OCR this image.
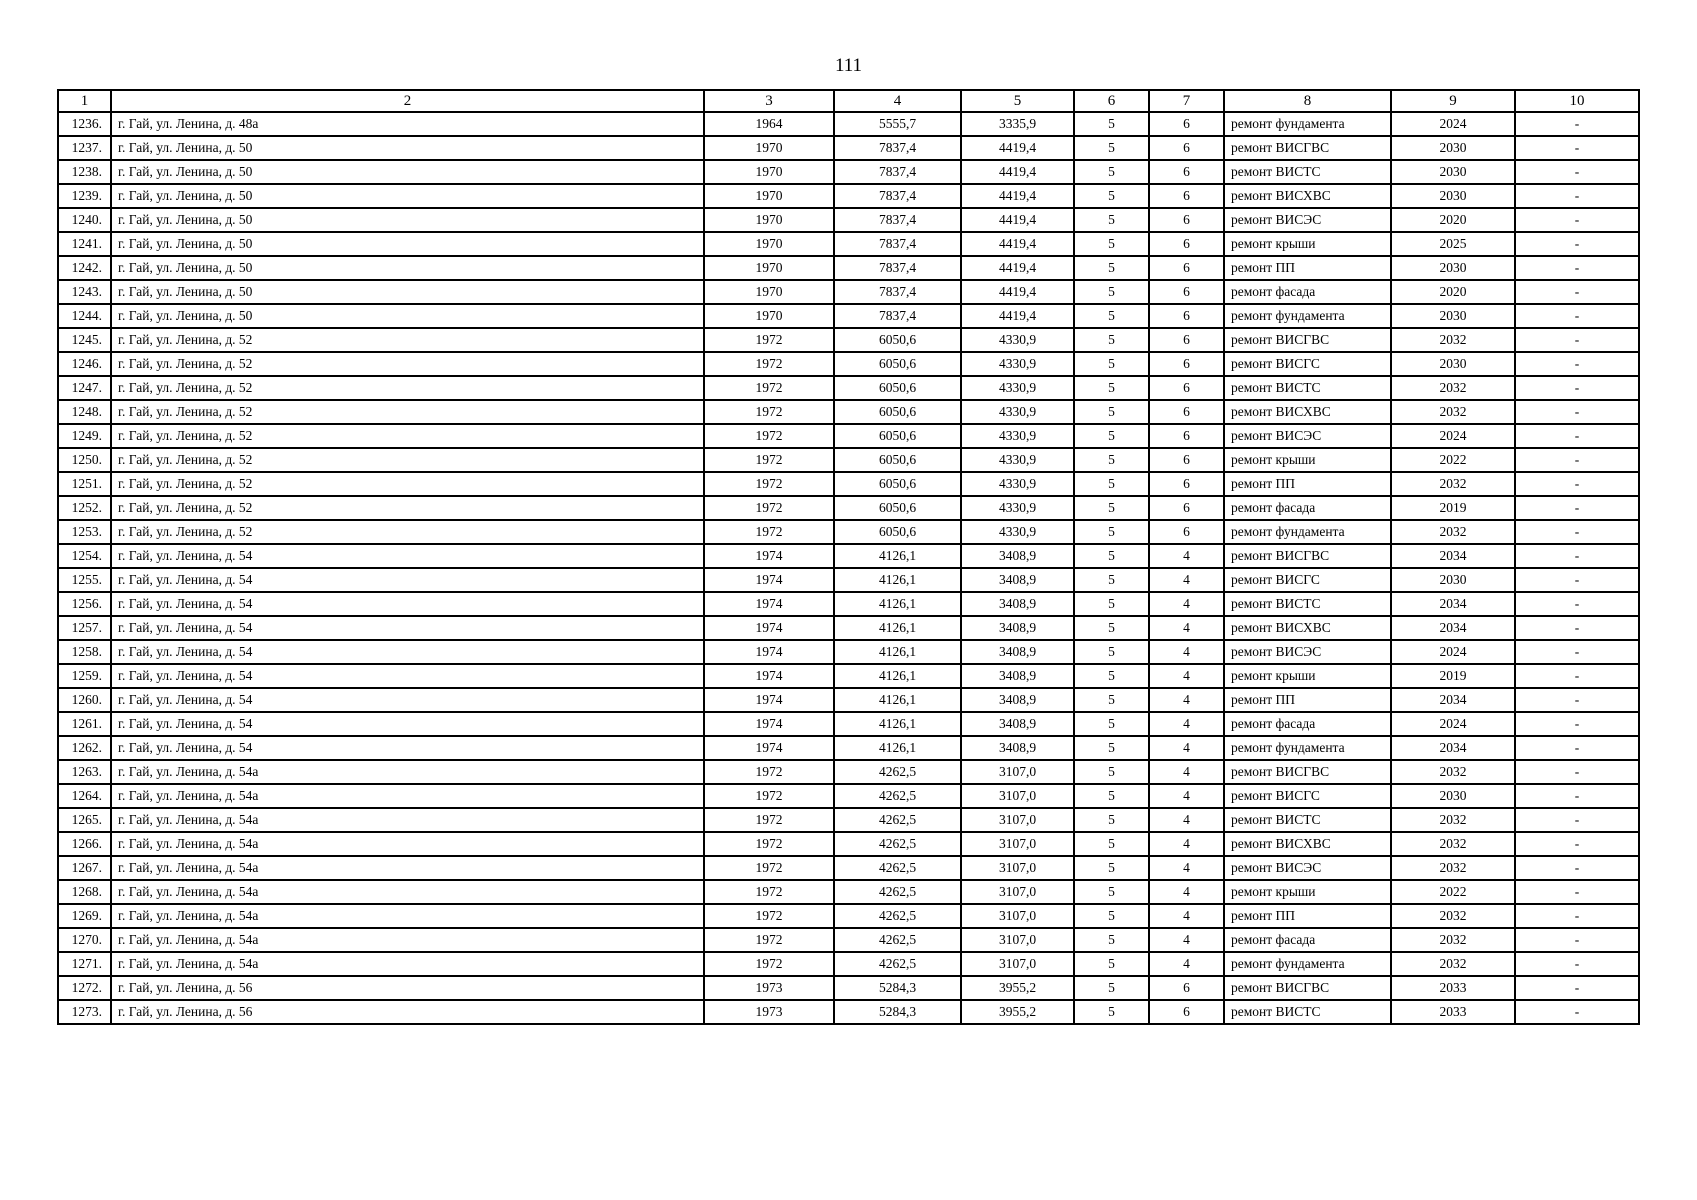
111
1	2	3	4	5	6	7	8	9	10
1236.	г. Гай, ул. Ленина, д. 48а	1964	5555,7	3335,9	5	6	ремонт фундамента	2024	-
1237.	г. Гай, ул. Ленина, д. 50	1970	7837,4	4419,4	5	6	ремонт ВИСГВС	2030	-
1238.	г. Гай, ул. Ленина, д. 50	1970	7837,4	4419,4	5	6	ремонт ВИСТС	2030	-
1239.	г. Гай, ул. Ленина, д. 50	1970	7837,4	4419,4	5	6	ремонт ВИСХВС	2030	-
1240.	г. Гай, ул. Ленина, д. 50	1970	7837,4	4419,4	5	6	ремонт ВИСЭС	2020	-
1241.	г. Гай, ул. Ленина, д. 50	1970	7837,4	4419,4	5	6	ремонт крыши	2025	-
1242.	г. Гай, ул. Ленина, д. 50	1970	7837,4	4419,4	5	6	ремонт ПП	2030	-
1243.	г. Гай, ул. Ленина, д. 50	1970	7837,4	4419,4	5	6	ремонт фасада	2020	-
1244.	г. Гай, ул. Ленина, д. 50	1970	7837,4	4419,4	5	6	ремонт фундамента	2030	-
1245.	г. Гай, ул. Ленина, д. 52	1972	6050,6	4330,9	5	6	ремонт ВИСГВС	2032	-
1246.	г. Гай, ул. Ленина, д. 52	1972	6050,6	4330,9	5	6	ремонт ВИСГС	2030	-
1247.	г. Гай, ул. Ленина, д. 52	1972	6050,6	4330,9	5	6	ремонт ВИСТС	2032	-
1248.	г. Гай, ул. Ленина, д. 52	1972	6050,6	4330,9	5	6	ремонт ВИСХВС	2032	-
1249.	г. Гай, ул. Ленина, д. 52	1972	6050,6	4330,9	5	6	ремонт ВИСЭС	2024	-
1250.	г. Гай, ул. Ленина, д. 52	1972	6050,6	4330,9	5	6	ремонт крыши	2022	-
1251.	г. Гай, ул. Ленина, д. 52	1972	6050,6	4330,9	5	6	ремонт ПП	2032	-
1252.	г. Гай, ул. Ленина, д. 52	1972	6050,6	4330,9	5	6	ремонт фасада	2019	-
1253.	г. Гай, ул. Ленина, д. 52	1972	6050,6	4330,9	5	6	ремонт фундамента	2032	-
1254.	г. Гай, ул. Ленина, д. 54	1974	4126,1	3408,9	5	4	ремонт ВИСГВС	2034	-
1255.	г. Гай, ул. Ленина, д. 54	1974	4126,1	3408,9	5	4	ремонт ВИСГС	2030	-
1256.	г. Гай, ул. Ленина, д. 54	1974	4126,1	3408,9	5	4	ремонт ВИСТС	2034	-
1257.	г. Гай, ул. Ленина, д. 54	1974	4126,1	3408,9	5	4	ремонт ВИСХВС	2034	-
1258.	г. Гай, ул. Ленина, д. 54	1974	4126,1	3408,9	5	4	ремонт ВИСЭС	2024	-
1259.	г. Гай, ул. Ленина, д. 54	1974	4126,1	3408,9	5	4	ремонт крыши	2019	-
1260.	г. Гай, ул. Ленина, д. 54	1974	4126,1	3408,9	5	4	ремонт ПП	2034	-
1261.	г. Гай, ул. Ленина, д. 54	1974	4126,1	3408,9	5	4	ремонт фасада	2024	-
1262.	г. Гай, ул. Ленина, д. 54	1974	4126,1	3408,9	5	4	ремонт фундамента	2034	-
1263.	г. Гай, ул. Ленина, д. 54а	1972	4262,5	3107,0	5	4	ремонт ВИСГВС	2032	-
1264.	г. Гай, ул. Ленина, д. 54а	1972	4262,5	3107,0	5	4	ремонт ВИСГС	2030	-
1265.	г. Гай, ул. Ленина, д. 54а	1972	4262,5	3107,0	5	4	ремонт ВИСТС	2032	-
1266.	г. Гай, ул. Ленина, д. 54а	1972	4262,5	3107,0	5	4	ремонт ВИСХВС	2032	-
1267.	г. Гай, ул. Ленина, д. 54а	1972	4262,5	3107,0	5	4	ремонт ВИСЭС	2032	-
1268.	г. Гай, ул. Ленина, д. 54а	1972	4262,5	3107,0	5	4	ремонт крыши	2022	-
1269.	г. Гай, ул. Ленина, д. 54а	1972	4262,5	3107,0	5	4	ремонт ПП	2032	-
1270.	г. Гай, ул. Ленина, д. 54а	1972	4262,5	3107,0	5	4	ремонт фасада	2032	-
1271.	г. Гай, ул. Ленина, д. 54а	1972	4262,5	3107,0	5	4	ремонт фундамента	2032	-
1272.	г. Гай, ул. Ленина, д. 56	1973	5284,3	3955,2	5	6	ремонт ВИСГВС	2033	-
1273.	г. Гай, ул. Ленина, д. 56	1973	5284,3	3955,2	5	6	ремонт ВИСТС	2033	-
